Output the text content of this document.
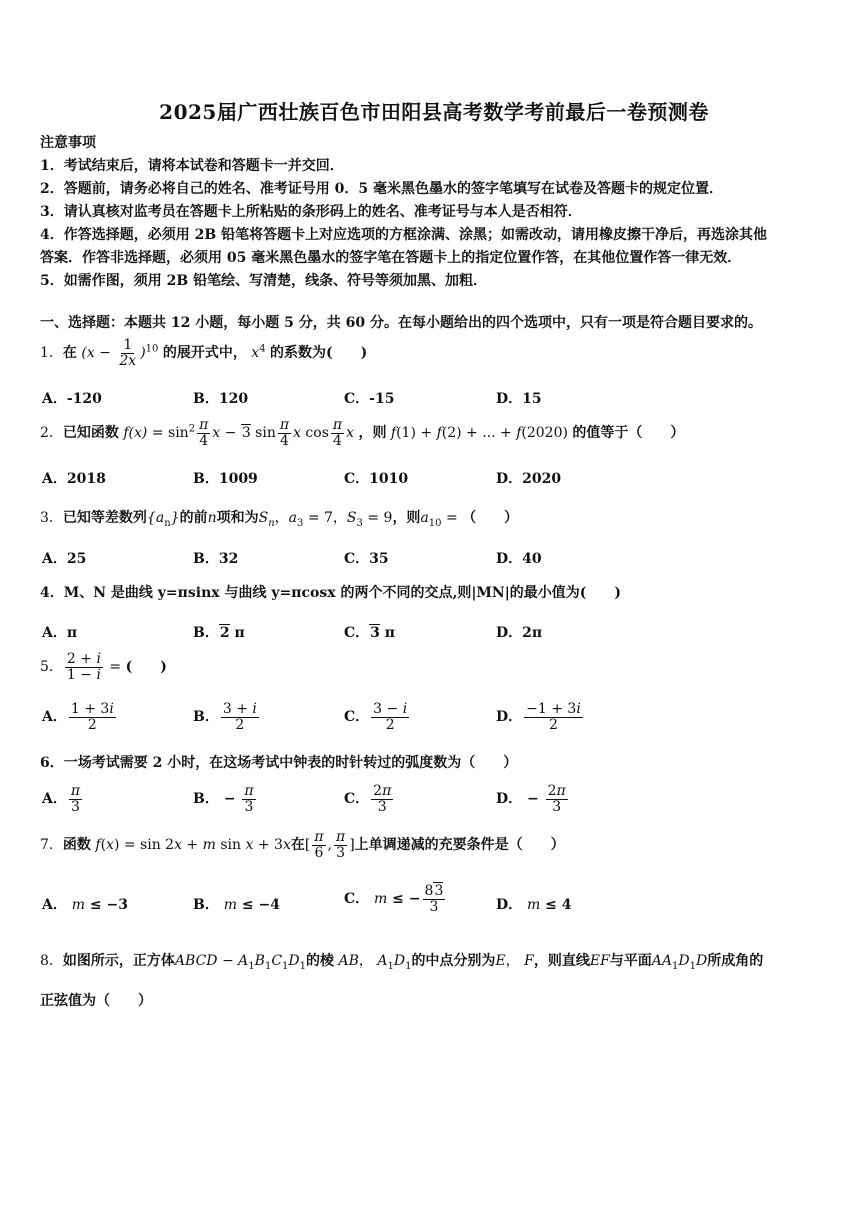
2025届广西壮族百色市田阳县高考数学考前最后一卷预测卷
注意事项
1．考试结束后，请将本试卷和答题卡一并交回．
2．答题前，请务必将自己的姓名、准考证号用 0．5 毫米黑色墨水的签字笔填写在试卷及答题卡的规定位置．
3．请认真核对监考员在答题卡上所粘贴的条形码上的姓名、准考证号与本人是否相符．
4．作答选择题，必须用 2B 铅笔将答题卡上对应选项的方框涂满、涂黑；如需改动，请用橡皮擦干净后，再选涂其他
答案．作答非选择题，必须用 05 毫米黑色墨水的签字笔在答题卡上的指定位置作答，在其他位置作答一律无效．
5．如需作图，须用 2B 铅笔绘、写清楚，线条、符号等须加黑、加粗．
一、选择题：本题共 12 小题，每小题 5 分，共 60 分。在每小题给出的四个选项中，只有一项是符合题目要求的。
1．在 $(x - \frac{1}{2x} )^{10}$ 的展开式中， $x^4$ 的系数为(　　)
A．-120	B．120	C．-15	D．15
2．已知函数 $f(x) = \sin^2 \frac{\pi}{4}$ x − 3 $\sin \frac{\pi}{4}$ x $\cos \frac{\pi}{4}$ x ，则 f(1) + f(2) + ... + f(2020) 的值等于（　　）
A．2018	B．1009	C．1010	D．2020
3．已知等差数列$\{a_n\}$的前n项和为$S_n$，$a_3 = 7$，$S_3 = 9$，则$a_{10}$ = （　　）
A．25	B．32	C．35	D．40
4．M、N 是曲线 y=πsinx 与曲线 y=πcosx 的两个不同的交点,则|MN|的最小值为(　　)
A．π	B．2 π	C．3 π	D．2π
5． $\frac{2 + i}{1 - i}$ = (　　)
A． $\frac{1 + 3i}{2}$	B． $\frac{3 + i}{2}$	C． $\frac{3 - i}{2}$	D． $\frac{-1 + 3i}{2}$
6．一场考试需要 2 小时，在这场考试中钟表的时针转过的弧度数为（　　）
A． $\frac{\pi}{3}$	B． − $\frac{\pi}{3}$	C． $\frac{2\pi}{3}$	D． − $\frac{2\pi}{3}$
7．函数 f(x) = sin 2x + m sin x + 3x在[ $\frac{\pi}{6}$ , $\frac{\pi}{3}$ ]上单调递减的充要条件是（　　）
A． m ≤ −3	B． m ≤ −4	C． m ≤ − $\frac{83}{3}$	D． m ≤ 4
8．如图所示，正方体ABCD − $A_1B_1C_1D_1$的棱 AB， $A_1D_1$的中点分别为E， F，则直线EF与平面$AA_1D_1D$所成角的
正弦值为（　　）
